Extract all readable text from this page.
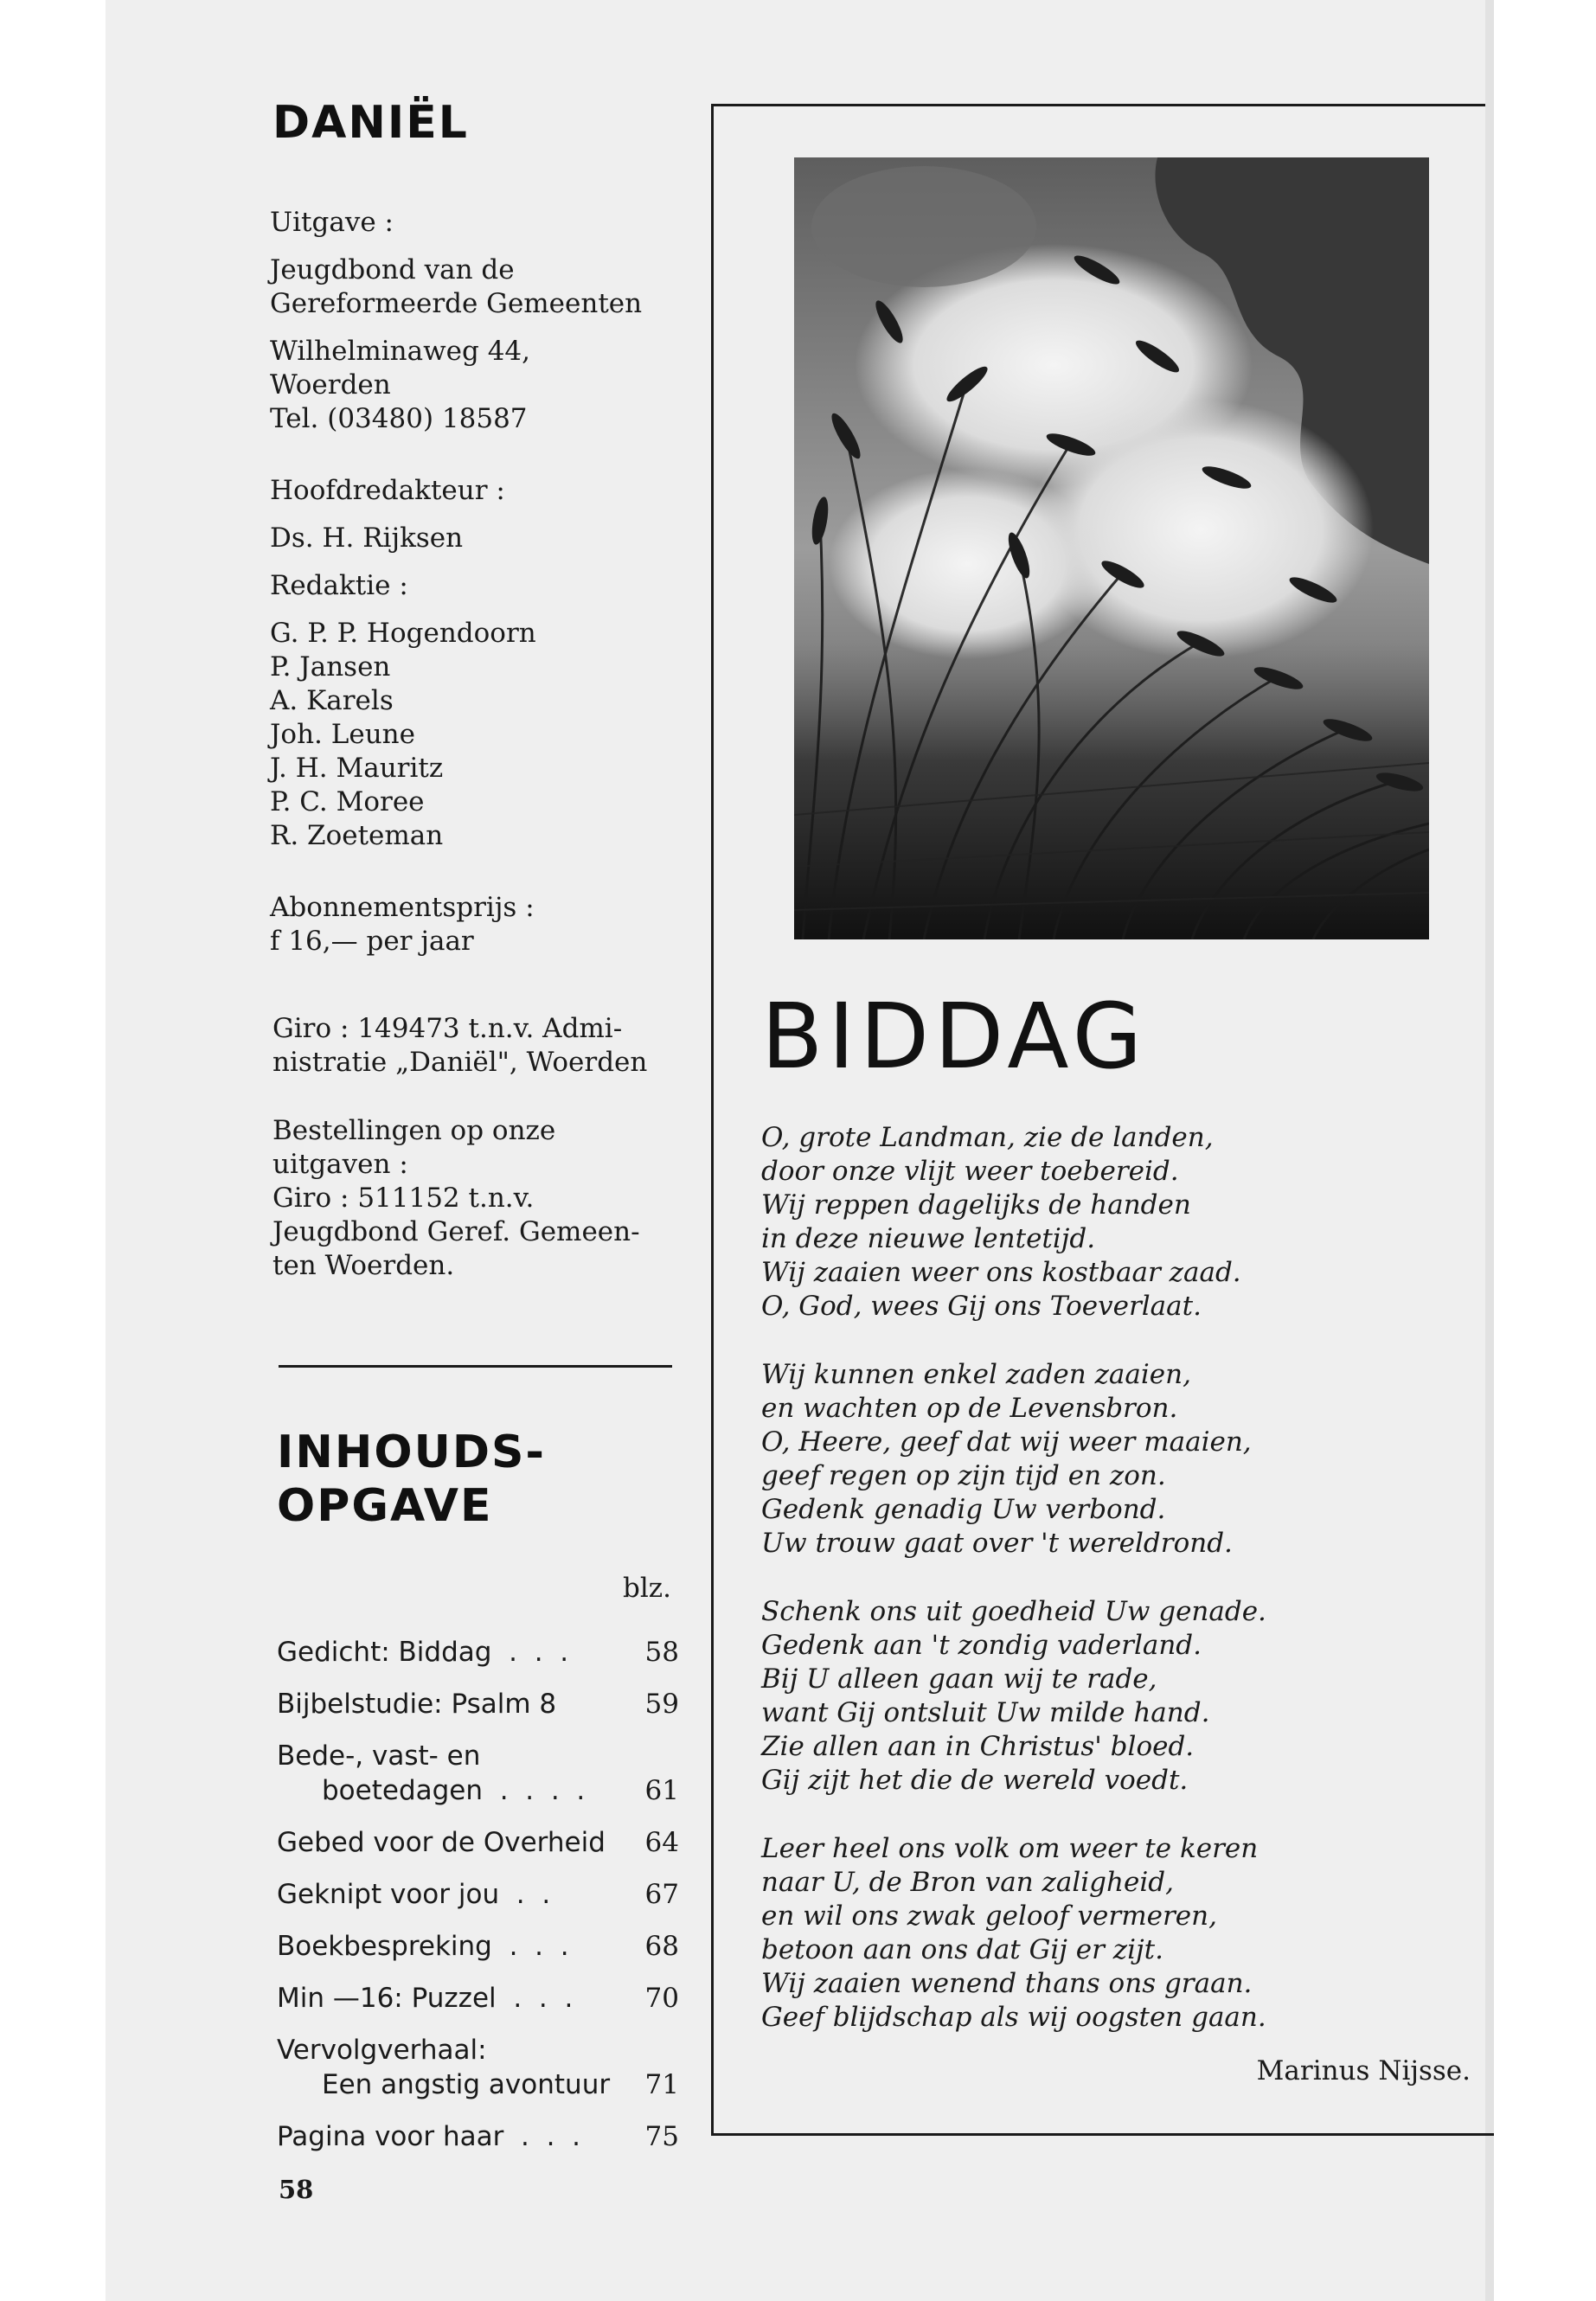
DANIËL
Uitgave :
Jeugdbond van de
Gereformeerde Gemeenten
Wilhelminaweg 44,
Woerden
Tel. (03480) 18587
Hoofdredakteur :
Ds. H. Rijksen
Redaktie :
G. P. P. Hogendoorn
P. Jansen
A. Karels
Joh. Leune
J. H. Mauritz
P. C. Moree
R. Zoeteman
Abonnementsprijs :
f 16,— per jaar
Giro : 149473 t.n.v. Admi-
nistratie „Daniël", Woerden
Bestellingen op onze
uitgaven :
Giro : 511152 t.n.v.
Jeugdbond Geref. Gemeen-
ten Woerden.
INHOUDS-
OPGAVE
blz.
Gedicht: Biddag  .  .  .	58
Bijbelstudie: Psalm 8	59
Bede-, vast- en
boetedagen  .  .  .  .	61
Gebed voor de Overheid	64
Geknipt voor jou  .  .	67
Boekbespreking  .  .  .	68
Min —16: Puzzel  .  .  .	70
Vervolgverhaal:
Een angstig avontuur	71
Pagina voor haar  .  .  .	75
58
BIDDAG
O, grote Landman, zie de landen,
door onze vlijt weer toebereid.
Wij reppen dagelijks de handen
in deze nieuwe lentetijd.
Wij zaaien weer ons kostbaar zaad.
O, God, wees Gij ons Toeverlaat.
Wij kunnen enkel zaden zaaien,
en wachten op de Levensbron.
O, Heere, geef dat wij weer maaien,
geef regen op zijn tijd en zon.
Gedenk genadig Uw verbond.
Uw trouw gaat over 't wereldrond.
Schenk ons uit goedheid Uw genade.
Gedenk aan 't zondig vaderland.
Bij U alleen gaan wij te rade,
want Gij ontsluit Uw milde hand.
Zie allen aan in Christus' bloed.
Gij zijt het die de wereld voedt.
Leer heel ons volk om weer te keren
naar U, de Bron van zaligheid,
en wil ons zwak geloof vermeren,
betoon aan ons dat Gij er zijt.
Wij zaaien wenend thans ons graan.
Geef blijdschap als wij oogsten gaan.
Marinus Nijsse.
